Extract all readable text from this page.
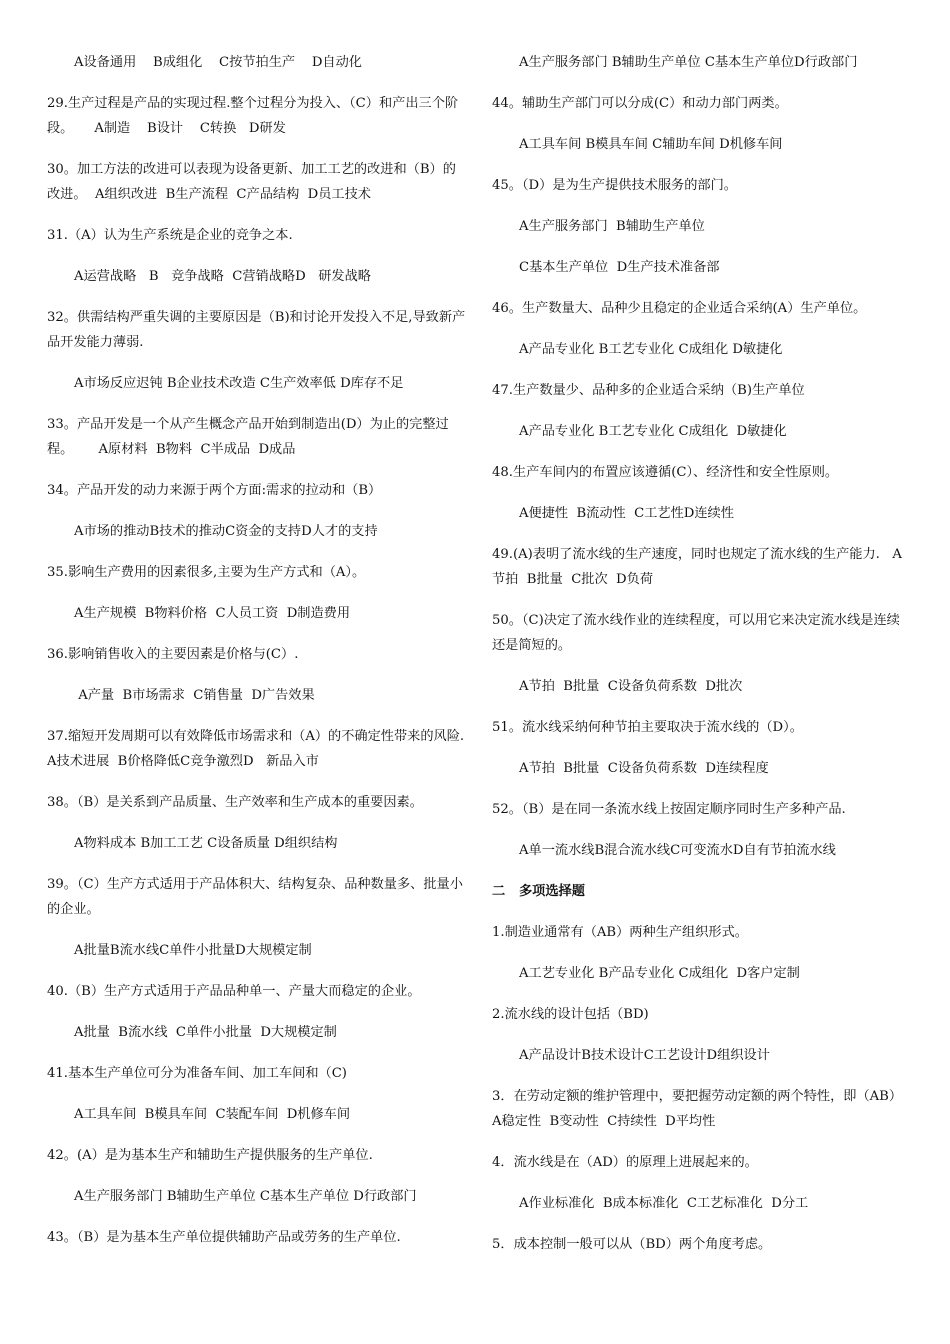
A设备通用    B成组化    C按节拍生产    D自动化

29.生产过程是产品的实现过程.整个过程分为投入、（C）和产出三个阶段。     A制造    B设计    C转换   D研发

30。加工方法的改进可以表现为设备更新、加工工艺的改进和（B）的改进。  A组织改进  B生产流程  C产品结构  D员工技术

31.（A）认为生产系统是企业的竞争之本.

A运营战略   B   竞争战略  C营销战略D   研发战略

32。供需结构严重失调的主要原因是（B)和讨论开发投入不足,导致新产品开发能力薄弱.

A市场反应迟钝 B企业技术改造 C生产效率低 D库存不足

33。产品开发是一个从产生概念产品开始到制造出(D）为止的完整过程。      A原材料  B物料  C半成品  D成品

34。产品开发的动力来源于两个方面:需求的拉动和（B）

A市场的推动B技术的推动C资金的支持D人才的支持

35.影响生产费用的因素很多,主要为生产方式和（A）。

A生产规模  B物料价格  C人员工资  D制造费用

36.影响销售收入的主要因素是价格与(C）.

A产量  B市场需求  C销售量  D广告效果

37.缩短开发周期可以有效降低市场需求和（A）的不确定性带来的风险.  A技术进展  B价格降低C竞争激烈D   新品入市

38。（B）是关系到产品质量、生产效率和生产成本的重要因素。

A物料成本 B加工工艺 C设备质量 D组织结构

39。（C）生产方式适用于产品体积大、结构复杂、品种数量多、批量小的企业。

A批量B流水线C单件小批量D大规模定制

40.（B）生产方式适用于产品品种单一、产量大而稳定的企业。

A批量  B流水线  C单件小批量  D大规模定制

41.基本生产单位可分为准备车间、加工车间和（C)

A工具车间  B模具车间  C装配车间  D机修车间

42。(A）是为基本生产和辅助生产提供服务的生产单位.

A生产服务部门 B辅助生产单位 C基本生产单位 D行政部门

43。（B）是为基本生产单位提供辅助产品或劳务的生产单位.

A生产服务部门 B辅助生产单位 C基本生产单位D行政部门

44。辅助生产部门可以分成(C）和动力部门两类。

A工具车间 B模具车间 C辅助车间 D机修车间

45。（D）是为生产提供技术服务的部门。

A生产服务部门  B辅助生产单位

C基本生产单位  D生产技术准备部

46。生产数量大、品种少且稳定的企业适合采纳(A）生产单位。

A产品专业化 B工艺专业化 C成组化 D敏捷化

47.生产数量少、品种多的企业适合采纳（B)生产单位

A产品专业化 B工艺专业化 C成组化  D敏捷化

48.生产车间内的布置应该遵循(C）、经济性和安全性原则。

A便捷性  B流动性  C工艺性D连续性

49.(A)表明了流水线的生产速度，同时也规定了流水线的生产能力.   A节拍  B批量  C批次  D负荷

50。（C)决定了流水线作业的连续程度，可以用它来决定流水线是连续还是简短的。

A节拍  B批量  C设备负荷系数  D批次

51。流水线采纳何种节拍主要取决于流水线的（D）。

A节拍  B批量  C设备负荷系数  D连续程度

52。（B）是在同一条流水线上按固定顺序同时生产多种产品.

A单一流水线B混合流水线C可变流水D自有节拍流水线

二   多项选择题

1.制造业通常有（AB）两种生产组织形式。

A工艺专业化 B产品专业化 C成组化  D客户定制

2.流水线的设计包括（BD)

A产品设计B技术设计C工艺设计D组织设计

3．在劳动定额的维护管理中，要把握劳动定额的两个特性，即（AB）  A稳定性  B变动性  C持续性  D平均性

4．流水线是在（AD）的原理上进展起来的。

A作业标准化  B成本标准化  C工艺标准化  D分工

5．成本控制一般可以从（BD）两个角度考虑。
